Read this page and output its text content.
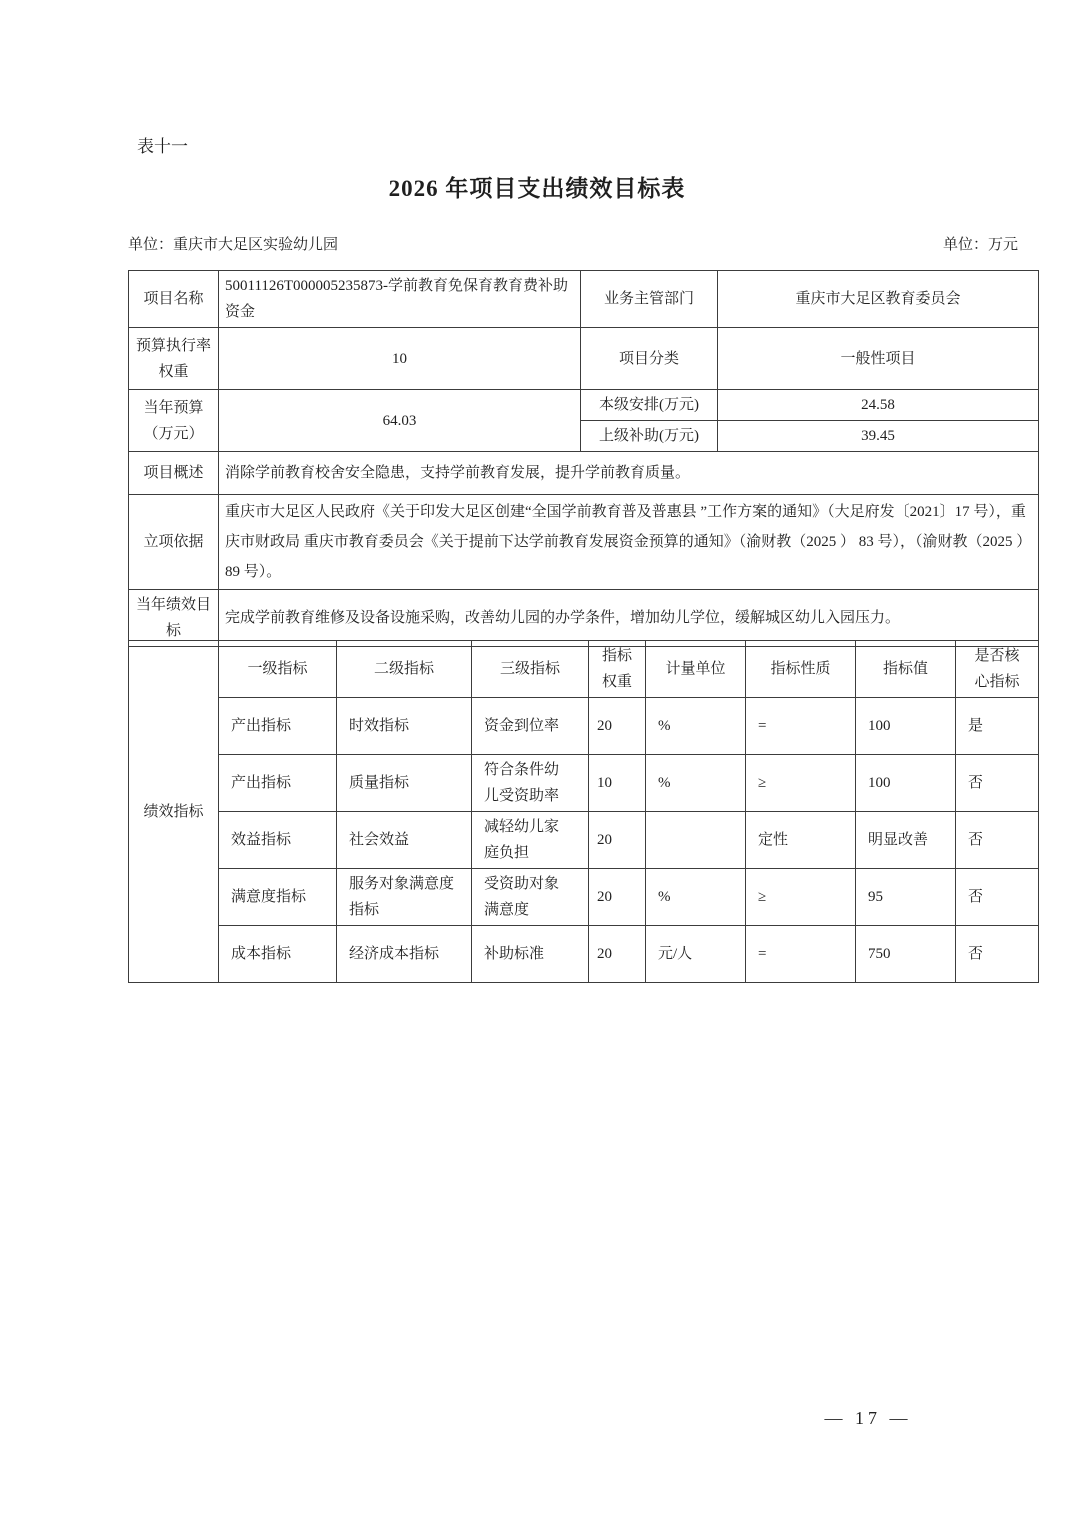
表十一
2026 年项目支出绩效目标表
单位：重庆市大足区实验幼儿园	单位：万元
项目名称	50011126T000005235873-学前教育免保育教育费补助资金	业务主管部门	重庆市大足区教育委员会
预算执行率权重	10	项目分类	一般性项目
当年预算（万元）	64.03	本级安排(万元)	24.58
		上级补助(万元)	39.45
项目概述	消除学前教育校舍安全隐患，支持学前教育发展，提升学前教育质量。		
立项依据	重庆市大足区人民政府《关于印发大足区创建“全国学前教育普及普惠县 ”工作方案的通知》（大足府发〔2021〕17 号），重庆市财政局 重庆市教育委员会《关于提前下达学前教育发展资金预算的通知》（渝财教（2025 ） 83 号），（渝财教（2025 ） 89 号）。		
当年绩效目标	完成学前教育维修及设备设施采购，改善幼儿园的办学条件，增加幼儿学位，缓解城区幼儿入园压力。		
绩效指标	一级指标	二级指标	三级指标	指标权重	计量单位	指标性质	指标值	是否核心指标
	产出指标	时效指标	资金到位率	20	%	=	100	是
	产出指标	质量指标	符合条件幼儿受资助率	10	%	≥	100	否
	效益指标	社会效益	减轻幼儿家庭负担	20		定性	明显改善	否
	满意度指标	服务对象满意度指标	受资助对象满意度	20	%	≥	95	否
	成本指标	经济成本指标	补助标准	20	元/人	=	750	否
— 17 —
